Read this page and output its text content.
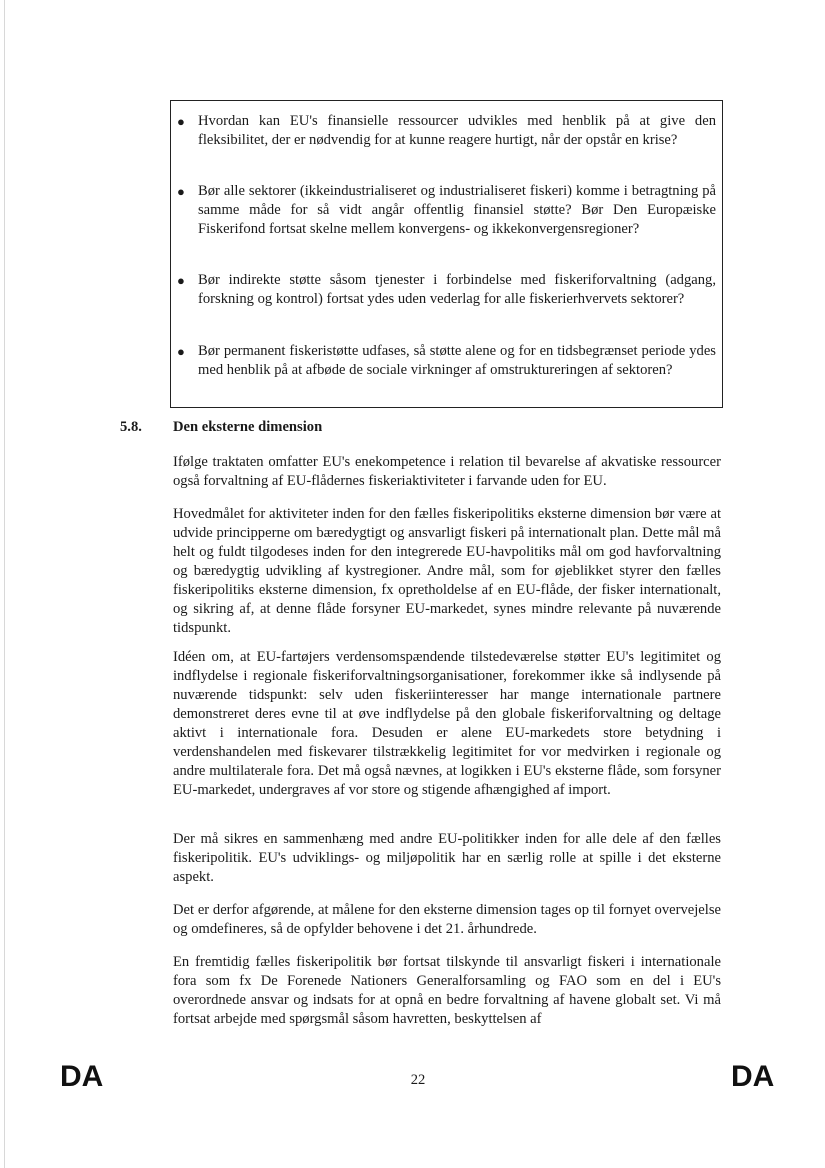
● Hvordan kan EU's finansielle ressourcer udvikles med henblik på at give den fleksibilitet, der er nødvendig for at kunne reagere hurtigt, når der opstår en krise?
● Bør alle sektorer (ikkeindustrialiseret og industrialiseret fiskeri) komme i betragtning på samme måde for så vidt angår offentlig finansiel støtte? Bør Den Europæiske Fiskerifond fortsat skelne mellem konvergens- og ikkekonvergensregioner?
● Bør indirekte støtte såsom tjenester i forbindelse med fiskeriforvaltning (adgang, forskning og kontrol) fortsat ydes uden vederlag for alle fiskerierhvervets sektorer?
● Bør permanent fiskeristøtte udfases, så støtte alene og for en tidsbegrænset periode ydes med henblik på at afbøde de sociale virkninger af omstruktureringen af sektoren?
5.8. Den eksterne dimension

Ifølge traktaten omfatter EU's enekompetence i relation til bevarelse af akvatiske ressourcer også forvaltning af EU-flådernes fiskeriaktiviteter i farvande uden for EU.

Hovedmålet for aktiviteter inden for den fælles fiskeripolitiks eksterne dimension bør være at udvide principperne om bæredygtigt og ansvarligt fiskeri på internationalt plan. Dette mål må helt og fuldt tilgodeses inden for den integrerede EU-havpolitiks mål om god havforvaltning og bæredygtig udvikling af kystregioner. Andre mål, som for øjeblikket styrer den fælles fiskeripolitiks eksterne dimension, fx opretholdelse af en EU-flåde, der fisker internationalt, og sikring af, at denne flåde forsyner EU-markedet, synes mindre relevante på nuværende tidspunkt.

Idéen om, at EU-fartøjers verdensomspændende tilstedeværelse støtter EU's legitimitet og indflydelse i regionale fiskeriforvaltningsorganisationer, forekommer ikke så indlysende på nuværende tidspunkt: selv uden fiskeriinteresser har mange internationale partnere demonstreret deres evne til at øve indflydelse på den globale fiskeriforvaltning og deltage aktivt i internationale fora. Desuden er alene EU-markedets store betydning i verdenshandelen med fiskevarer tilstrækkelig legitimitet for vor medvirken i regionale og andre multilaterale fora. Det må også nævnes, at logikken i EU's eksterne flåde, som forsyner EU-markedet, undergraves af vor store og stigende afhængighed af import.

Der må sikres en sammenhæng med andre EU-politikker inden for alle dele af den fælles fiskeripolitik. EU's udviklings- og miljøpolitik har en særlig rolle at spille i det eksterne aspekt.

Det er derfor afgørende, at målene for den eksterne dimension tages op til fornyet overvejelse og omdefineres, så de opfylder behovene i det 21. århundrede.

En fremtidig fælles fiskeripolitik bør fortsat tilskynde til ansvarligt fiskeri i internationale fora som fx De Forenede Nationers Generalforsamling og FAO som en del i EU's overordnede ansvar og indsats for at opnå en bedre forvaltning af havene globalt set. Vi må fortsat arbejde med spørgsmål såsom havretten, beskyttelsen af

DA	22	DA
